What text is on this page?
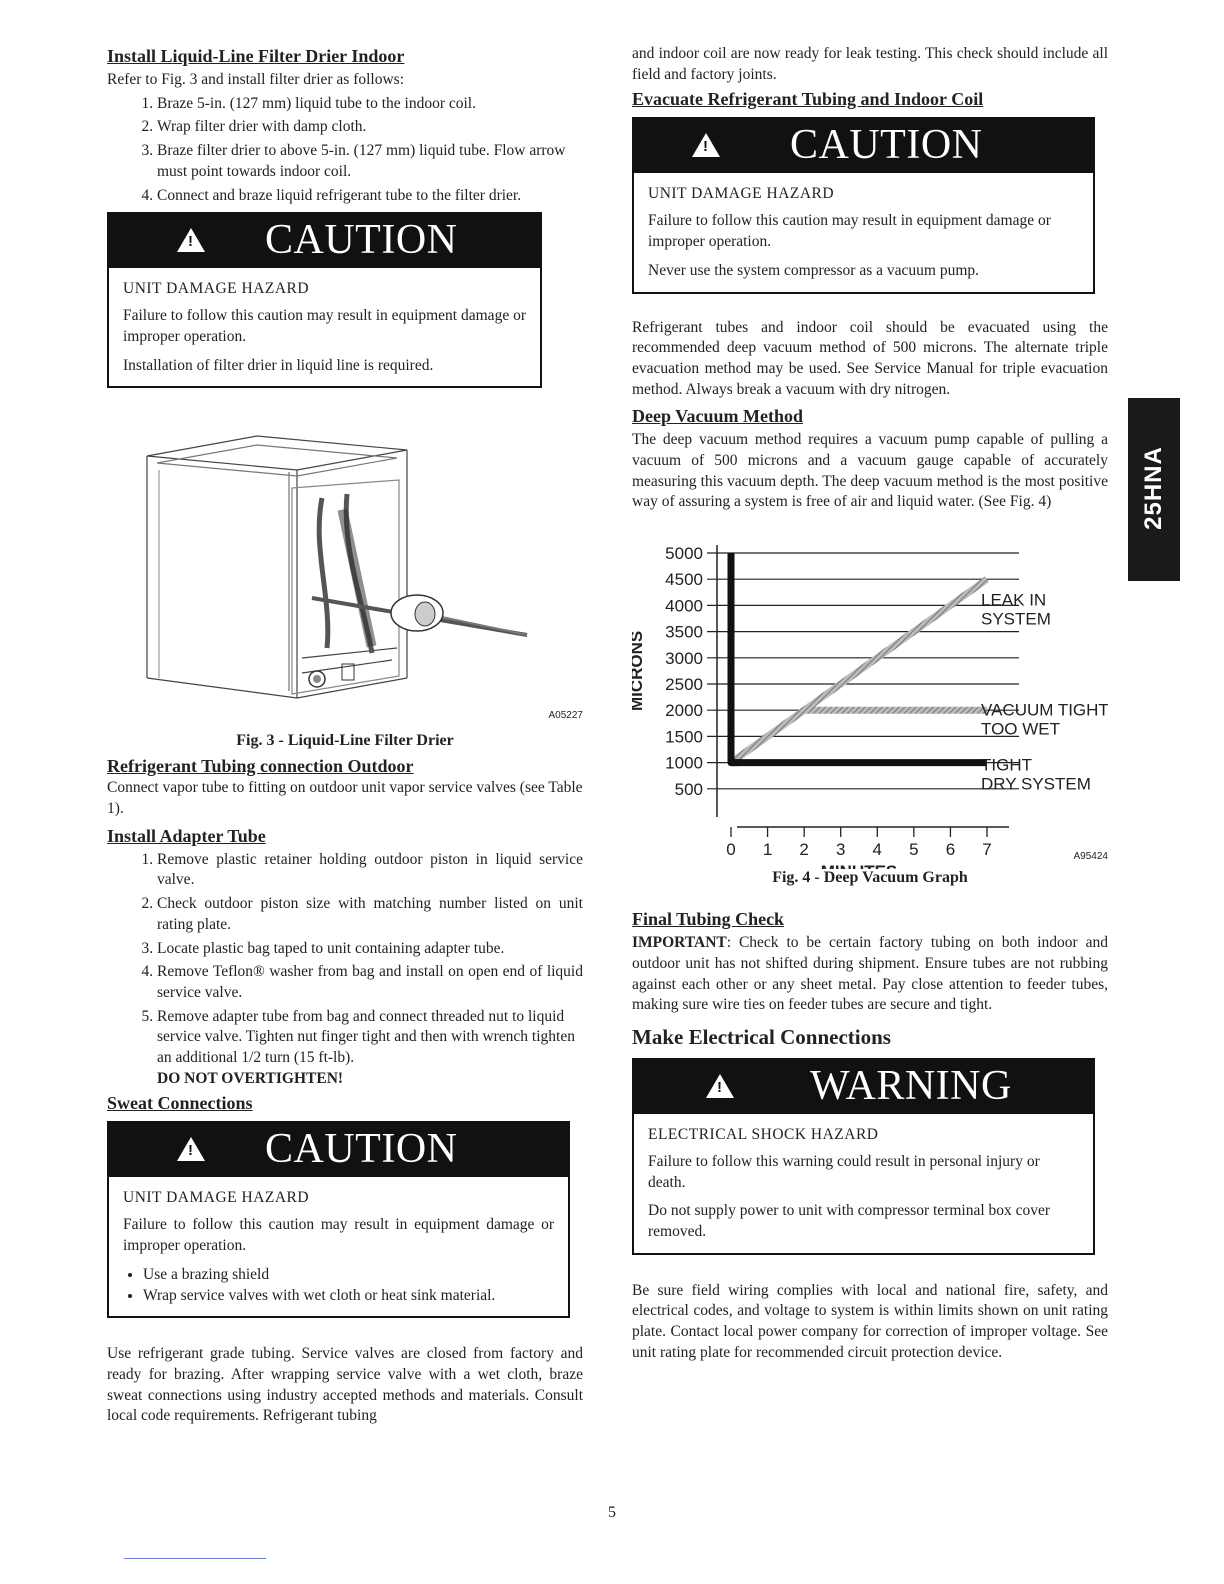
Install Liquid-Line Filter Drier Indoor

Refer to Fig. 3 and install filter drier as follows:

1. Braze 5-in. (127 mm) liquid tube to the indoor coil.
2. Wrap filter drier with damp cloth.
3. Braze filter drier to above 5-in. (127 mm) liquid tube. Flow arrow must point towards indoor coil.
4. Connect and braze liquid refrigerant tube to the filter drier.
!
CAUTION
UNIT DAMAGE HAZARD

Failure to follow this caution may result in equipment damage or improper operation.

Installation of filter drier in liquid line is required.

A05227
Fig. 3 - Liquid-Line Filter Drier
Refrigerant Tubing connection Outdoor

Connect vapor tube to fitting on outdoor unit vapor service valves (see Table 1).

Install Adapter Tube
1. Remove plastic retainer holding outdoor piston in liquid service valve.
2. Check outdoor piston size with matching number listed on unit rating plate.
3. Locate plastic bag taped to unit containing adapter tube.
4. Remove Teflon® washer from bag and install on open end of liquid service valve.
5. Remove adapter tube from bag and connect threaded nut to liquid service valve. Tighten nut finger tight and then with wrench tighten an additional 1/2 turn (15 ft-lb).
DO NOT OVERTIGHTEN!
Sweat Connections
!
CAUTION
UNIT DAMAGE HAZARD

Failure to follow this caution may result in equipment damage or improper operation.

• Use a brazing shield
• Wrap service valves with wet cloth or heat sink material.

Use refrigerant grade tubing. Service valves are closed from factory and ready for brazing. After wrapping service valve with a wet cloth, braze sweat connections using industry accepted methods and materials. Consult local code requirements. Refrigerant tubing

and indoor coil are now ready for leak testing. This check should include all field and factory joints.

Evacuate Refrigerant Tubing and Indoor Coil
!
CAUTION
UNIT DAMAGE HAZARD

Failure to follow this caution may result in equipment damage or improper operation.

Never use the system compressor as a vacuum pump.

Refrigerant tubes and indoor coil should be evacuated using the recommended deep vacuum method of 500 microns. The alternate triple evacuation method may be used. See Service Manual for triple evacuation method. Always break a vacuum with dry nitrogen.

Deep Vacuum Method

The deep vacuum method requires a vacuum pump capable of pulling a vacuum of 500 microns and a vacuum gauge capable of accurately measuring this vacuum depth. The deep vacuum method is the most positive way of assuring a system is free of air and liquid water. (See Fig. 4)

LEAK IN
SYSTEM
VACUUM TIGHT
TOO WET
TIGHT
DRY SYSTEM
500
1000
1500
2000
2500
3000
3500
4000
4500
5000
0 1 2 3 4 5 6 7
MICRONS
A95424
Fig. 4 - Deep Vacuum Graph
Final Tubing Check

IMPORTANT: Check to be certain factory tubing on both indoor and outdoor unit has not shifted during shipment. Ensure tubes are not rubbing against each other or any sheet metal. Pay close attention to feeder tubes, making sure wire ties on feeder tubes are secure and tight.

Make Electrical Connections
!
WARNING
ELECTRICAL SHOCK HAZARD

Failure to follow this warning could result in personal injury or death.

Do not supply power to unit with compressor terminal box cover removed.

Be sure field wiring complies with local and national fire, safety, and electrical codes, and voltage to system is within limits shown on unit rating plate. Contact local power company for correction of improper voltage. See unit rating plate for recommended circuit protection device.

25HNA
5
